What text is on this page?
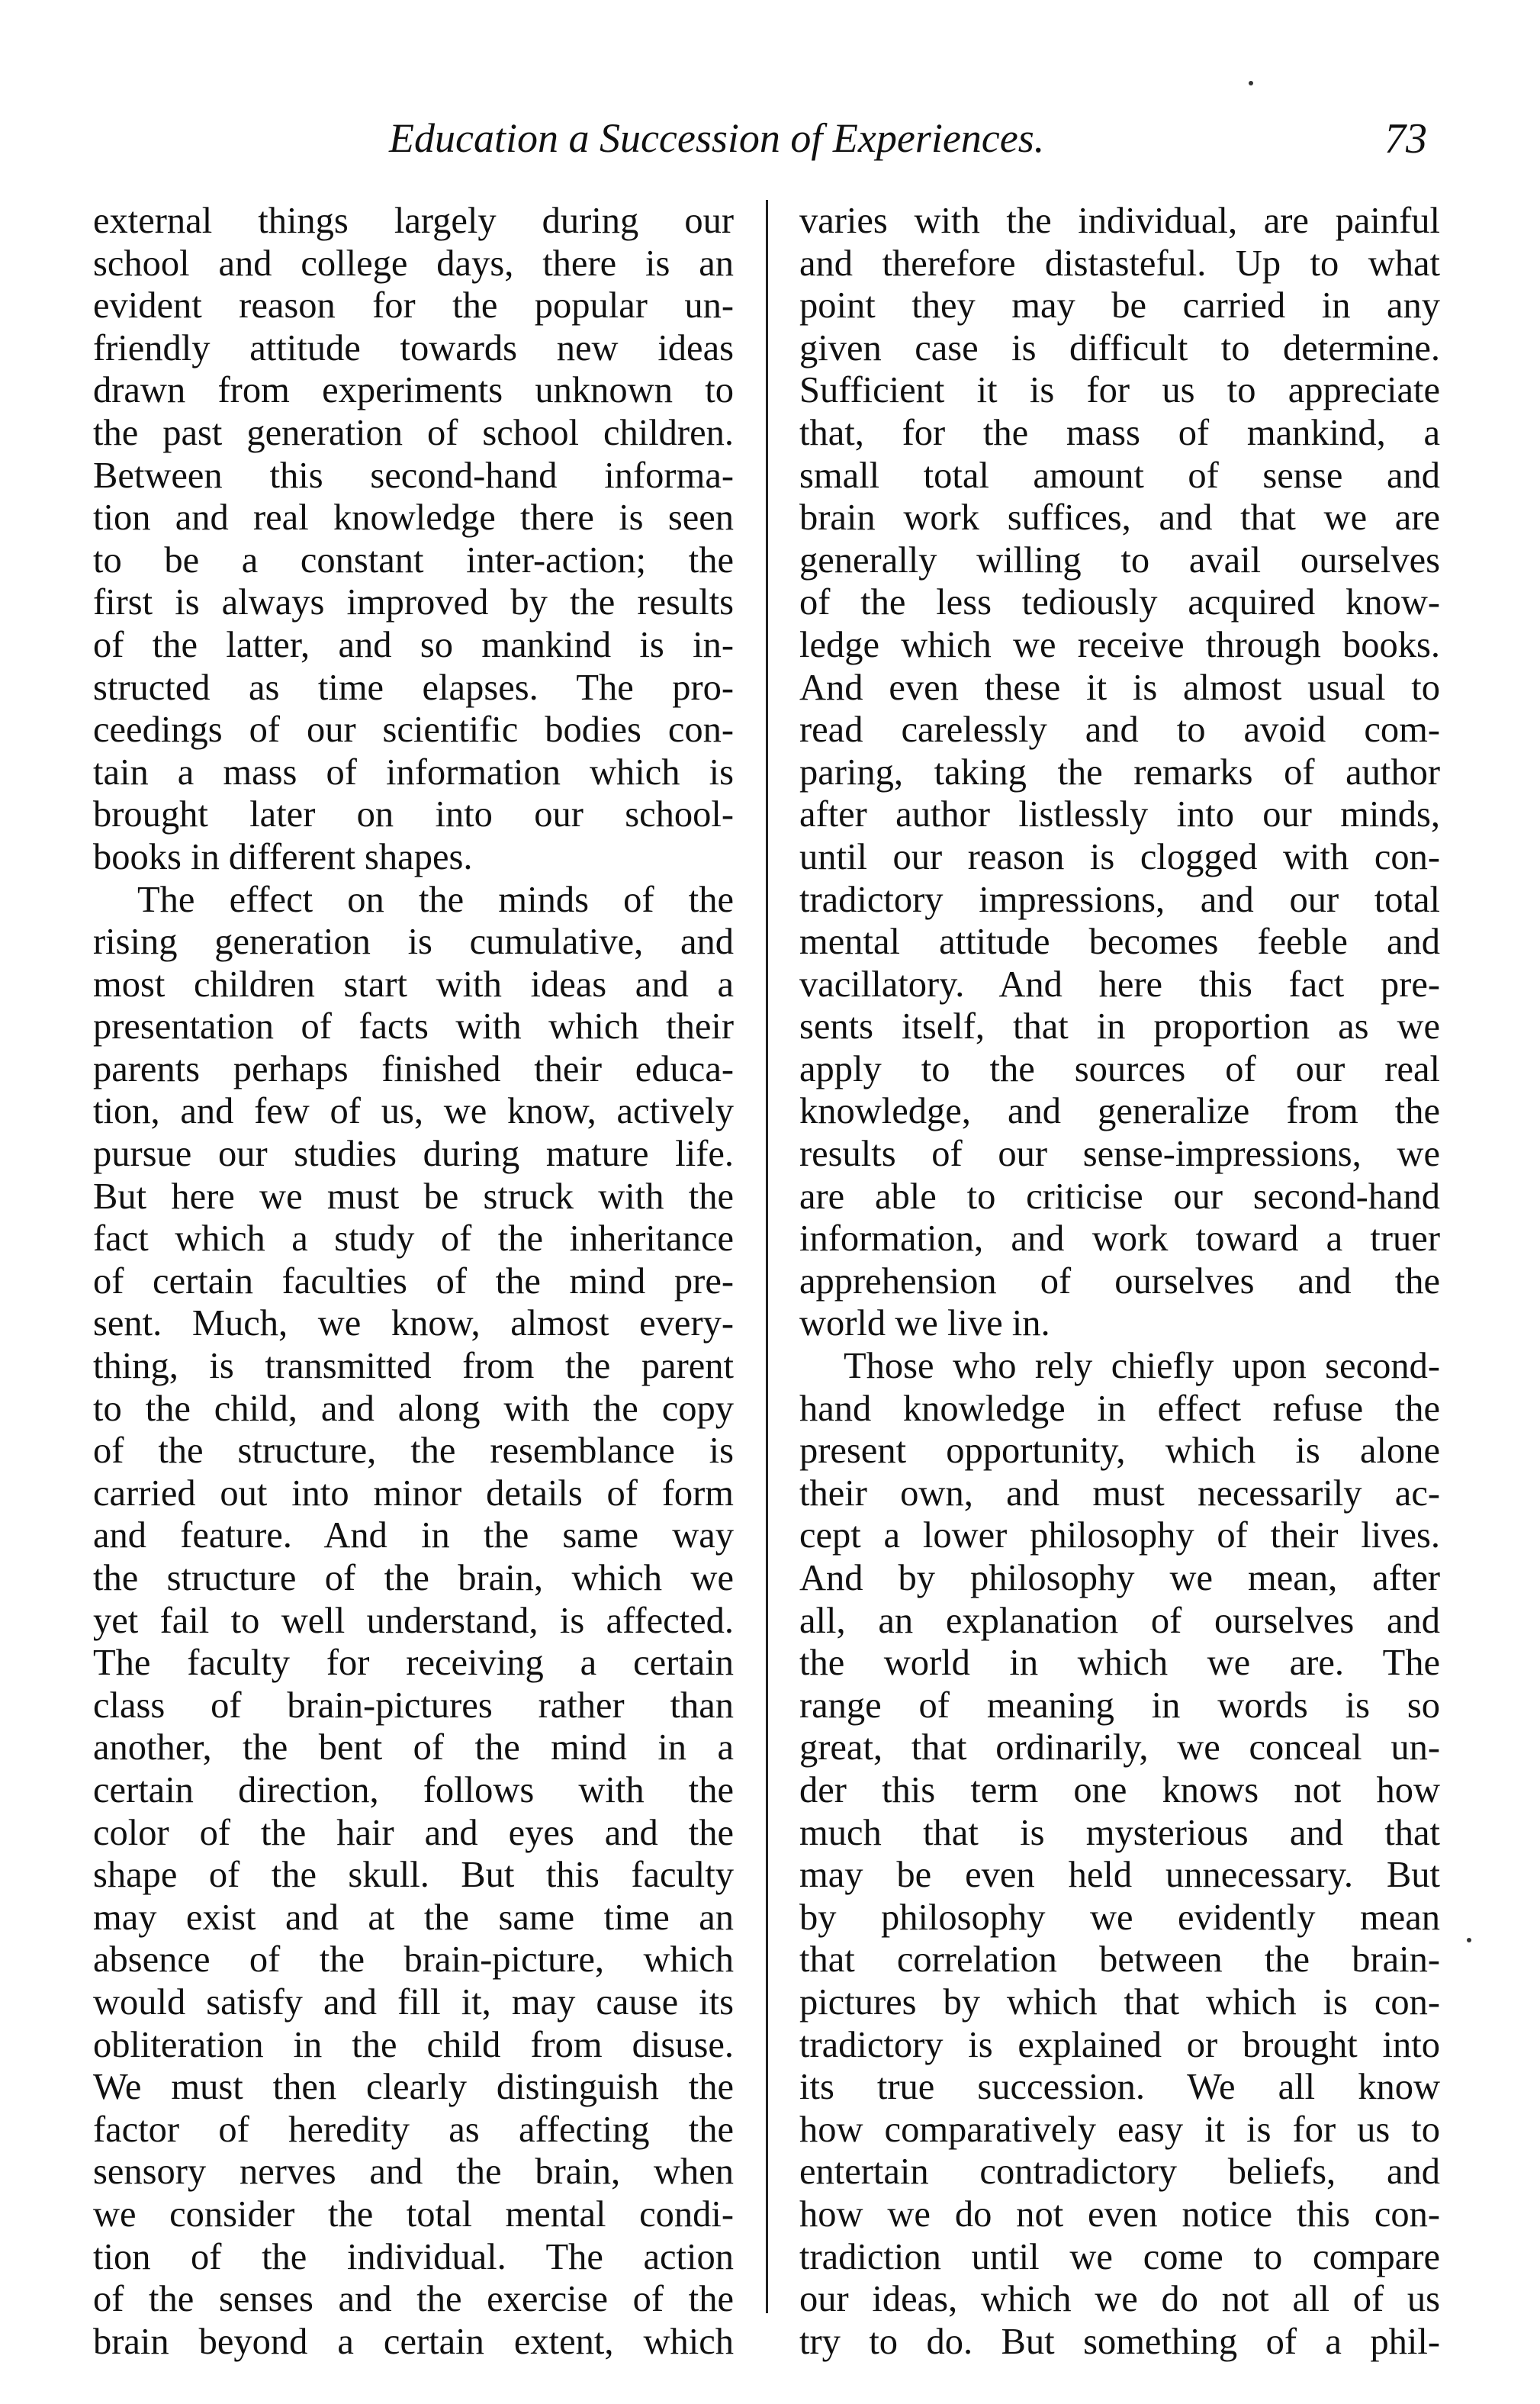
Education a Succession of Experiences.	73
external things largely during our
school and college days, there is an
evident reason for the popular un-
friendly attitude towards new ideas
drawn from experiments unknown to
the past generation of school children.
Between this second-hand informa-
tion and real knowledge there is seen
to be a constant inter-action; the
first is always improved by the results
of the latter, and so mankind is in-
structed as time elapses. The pro-
ceedings of our scientific bodies con-
tain a mass of information which is
brought later on into our school-
books in different shapes.
The effect on the minds of the
rising generation is cumulative, and
most children start with ideas and a
presentation of facts with which their
parents perhaps finished their educa-
tion, and few of us, we know, actively
pursue our studies during mature life.
But here we must be struck with the
fact which a study of the inheritance
of certain faculties of the mind pre-
sent. Much, we know, almost every-
thing, is transmitted from the parent
to the child, and along with the copy
of the structure, the resemblance is
carried out into minor details of form
and feature. And in the same way
the structure of the brain, which we
yet fail to well understand, is affected.
The faculty for receiving a certain
class of brain-pictures rather than
another, the bent of the mind in a
certain direction, follows with the
color of the hair and eyes and the
shape of the skull. But this faculty
may exist and at the same time an
absence of the brain-picture, which
would satisfy and fill it, may cause its
obliteration in the child from disuse.
We must then clearly distinguish the
factor of heredity as affecting the
sensory nerves and the brain, when
we consider the total mental condi-
tion of the individual. The action
of the senses and the exercise of the
brain beyond a certain extent, which
varies with the individual, are painful
and therefore distasteful. Up to what
point they may be carried in any
given case is difficult to determine.
Sufficient it is for us to appreciate
that, for the mass of mankind, a
small total amount of sense and
brain work suffices, and that we are
generally willing to avail ourselves
of the less tediously acquired know-
ledge which we receive through books.
And even these it is almost usual to
read carelessly and to avoid com-
paring, taking the remarks of author
after author listlessly into our minds,
until our reason is clogged with con-
tradictory impressions, and our total
mental attitude becomes feeble and
vacillatory. And here this fact pre-
sents itself, that in proportion as we
apply to the sources of our real
knowledge, and generalize from the
results of our sense-impressions, we
are able to criticise our second-hand
information, and work toward a truer
apprehension of ourselves and the
world we live in.
Those who rely chiefly upon second-
hand knowledge in effect refuse the
present opportunity, which is alone
their own, and must necessarily ac-
cept a lower philosophy of their lives.
And by philosophy we mean, after
all, an explanation of ourselves and
the world in which we are. The
range of meaning in words is so
great, that ordinarily, we conceal un-
der this term one knows not how
much that is mysterious and that
may be even held unnecessary. But
by philosophy we evidently mean
that correlation between the brain-
pictures by which that which is con-
tradictory is explained or brought into
its true succession. We all know
how comparatively easy it is for us to
entertain contradictory beliefs, and
how we do not even notice this con-
tradiction until we come to compare
our ideas, which we do not all of us
try to do. But something of a phil-
